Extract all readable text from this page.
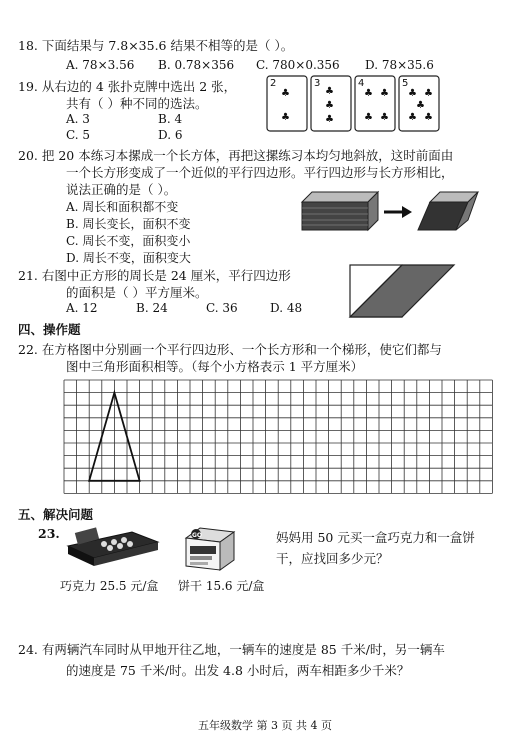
18. 下面结果与 7.8×35.6 结果不相等的是（ ）。
A. 78×3.56 B. 0.78×356 C. 780×0.356 D. 78×35.6
19. 从右边的 4 张扑克牌中选出 2 张，
共有（ ）种不同的选法。
A. 3	B. 4
C. 5	D. 6
2
♣
♣
3
♣
♣
♣
4
♣ ♣
♣ ♣
5
♣ ♣
♣
♣ ♣
20. 把 20 本练习本摞成一个长方体，再把这摞练习本均匀地斜放，这时前面由
一个长方形变成了一个近似的平行四边形。平行四边形与长方形相比，
说法正确的是（ ）。
A. 周长和面积都不变
B. 周长变长，面积不变
C. 周长不变，面积变小
D. 周长不变，面积变大
21. 右图中正方形的周长是 24 厘米，平行四边形
的面积是（ ）平方厘米。
A. 12	B. 24	C. 36	D. 48
四、操作题
22. 在方格图中分别画一个平行四边形、一个长方形和一个梯形，使它们都与
图中三角形面积相等。（每个小方格表示 1 平方厘米）
五、解决问题
23.	GO
巧克力 25.5 元/盒 饼干 15.6 元/盒
妈妈用 50 元买一盒巧克力和一盒饼
干，应找回多少元？
24. 有两辆汽车同时从甲地开往乙地，一辆车的速度是 85 千米/时，另一辆车
的速度是 75 千米/时。出发 4.8 小时后，两车相距多少千米？
五年级数学 第 3 页 共 4 页
